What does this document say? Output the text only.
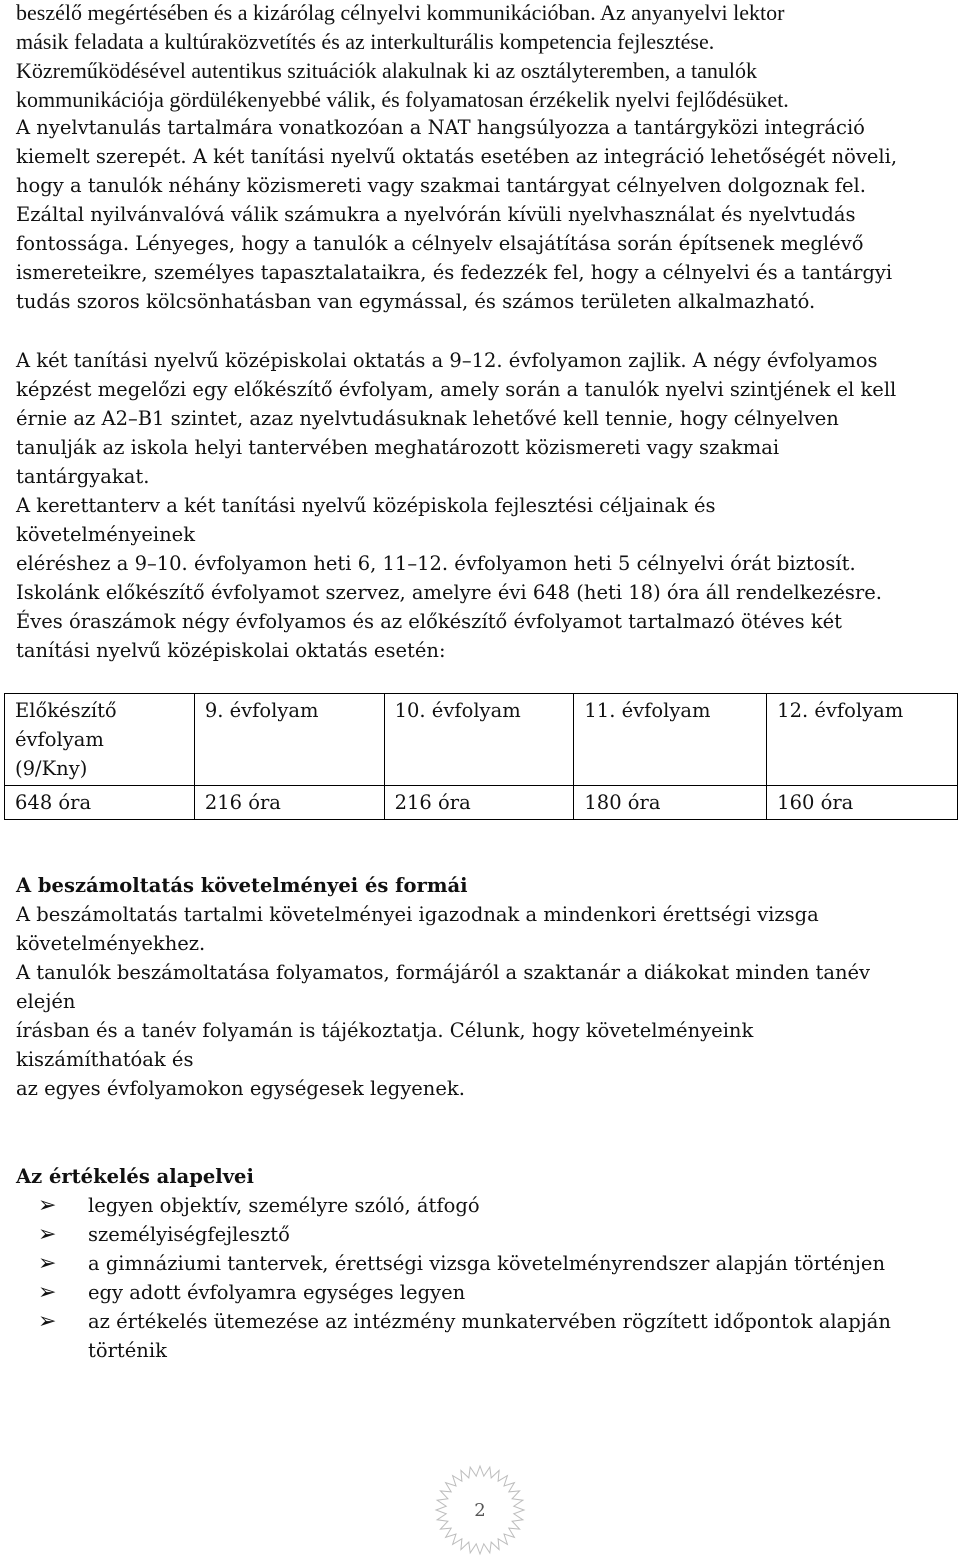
beszélő megértésében és a kizárólag célnyelvi kommunikációban. Az anyanyelvi lektor
másik feladata a kultúraközvetítés és az interkulturális kompetencia fejlesztése.
Közreműködésével autentikus szituációk alakulnak ki az osztályteremben, a tanulók
kommunikációja gördülékenyebbé válik, és folyamatosan érzékelik nyelvi fejlődésüket.
A nyelvtanulás tartalmára vonatkozóan a NAT hangsúlyozza a tantárgyközi integráció
kiemelt szerepét. A két tanítási nyelvű oktatás esetében az integráció lehetőségét növeli,
hogy a tanulók néhány közismereti vagy szakmai tantárgyat célnyelven dolgoznak fel.
Ezáltal nyilvánvalóvá válik számukra a nyelvórán kívüli nyelvhasználat és nyelvtudás
fontossága. Lényeges, hogy a tanulók a célnyelv elsajátítása során építsenek meglévő
ismereteikre, személyes tapasztalataikra, és fedezzék fel, hogy a célnyelvi és a tantárgyi
tudás szoros kölcsönhatásban van egymással, és számos területen alkalmazható.
A két tanítási nyelvű középiskolai oktatás a 9–12. évfolyamon zajlik. A négy évfolyamos
képzést megelőzi egy előkészítő évfolyam, amely során a tanulók nyelvi szintjének el kell
érnie az A2–B1 szintet, azaz nyelvtudásuknak lehetővé kell tennie, hogy célnyelven
tanulják az iskola helyi tantervében meghatározott közismereti vagy szakmai
tantárgyakat.
A kerettanterv a két tanítási nyelvű középiskola fejlesztési céljainak és
követelményeinek
eléréshez a 9–10. évfolyamon heti 6, 11–12. évfolyamon heti 5 célnyelvi órát biztosít.
Iskolánk előkészítő évfolyamot szervez, amelyre évi 648 (heti 18) óra áll rendelkezésre.
Éves óraszámok négy évfolyamos és az előkészítő évfolyamot tartalmazó ötéves két
tanítási nyelvű középiskolai oktatás esetén:
Előkészítő
évfolyam
(9/Kny)	9. évfolyam	10. évfolyam	11. évfolyam	12. évfolyam

648 óra	216 óra	216 óra	180 óra	160 óra
A beszámoltatás követelményei és formái
A beszámoltatás tartalmi követelményei igazodnak a mindenkori érettségi vizsga
követelményekhez.
A tanulók beszámoltatása folyamatos, formájáról a szaktanár a diákokat minden tanév
elején
írásban és a tanév folyamán is tájékoztatja. Célunk, hogy követelményeink
kiszámíthatóak és
az egyes évfolyamokon egységesek legyenek.
Az értékelés alapelvei
➢ legyen objektív, személyre szóló, átfogó
➢ személyiségfejlesztő
➢ a gimnáziumi tantervek, érettségi vizsga követelményrendszer alapján történjen
➢ egy adott évfolyamra egységes legyen
➢ az értékelés ütemezése az intézmény munkatervében rögzített időpontok alapján
történik
2
